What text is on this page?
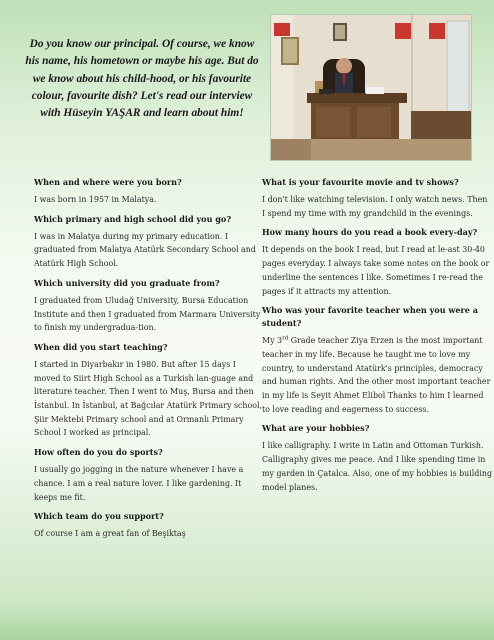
Do you know our principal. Of course, we know his name, his hometown or maybe his age. But do we know about his child-hood, or his favourite colour, favourite dish? Let's read our interview with Hüseyin YAŞAR and learn about him!

When and where were you born?

I was born in 1957 in Malatya.

Which primary and high school did you go?

I was in Malatya during my primary education. I graduated from Malatya Atatürk Secondary School and Atatürk High School.

Which university did you graduate from?

I graduated from Uludağ University, Bursa Education Institute and then I graduated from Marmara University to finish my undergradua-tion.

When did you start teaching?

I started in Diyarbakır in 1980. But after 15 days I moved to Siirt High School as a Turkish lan-guage and literature teacher. Then I went to Muş, Bursa and then İstanbul. In İstanbul, at Bağcılar Atatürk Primary school, Şiir Mektebi Primary school and at Ormanlı Primary School I worked as principal.

How often do you do sports?

I usually go jogging in the nature whenever I have a chance. I am a real nature lover. I like gardening. It keeps me fit.

Which team do you support?

Of course I am a great fan of Beşiktaş

What is your favourite movie and tv shows?

I don't like watching television. I only watch news. Then I spend my time with my grandchild in the evenings.

How many hours do you read a book every-day?

It depends on the book I read, but I read at le-ast 30-40 pages everyday. I always take some notes on the book or underline the sentences I like. Sometimes I re-read the pages if it attracts my attention.

Who was your favorite teacher when you were a student?

My 3rd Grade teacher Ziya Erzen is the most important teacher in my life. Because he taught me to love my country, to understand Atatürk's principles, democracy and human rights. And the other most important teacher in my life is Seyit Ahmet Elibol Thanks to him I learned to love reading and eagerness to success.

What are your hobbies?

I like calligraphy. I write in Latin and Ottoman Turkish. Calligraphy gives me peace. And I like spending time in my garden in Çatalca. Also, one of my hobbies is building model planes.
